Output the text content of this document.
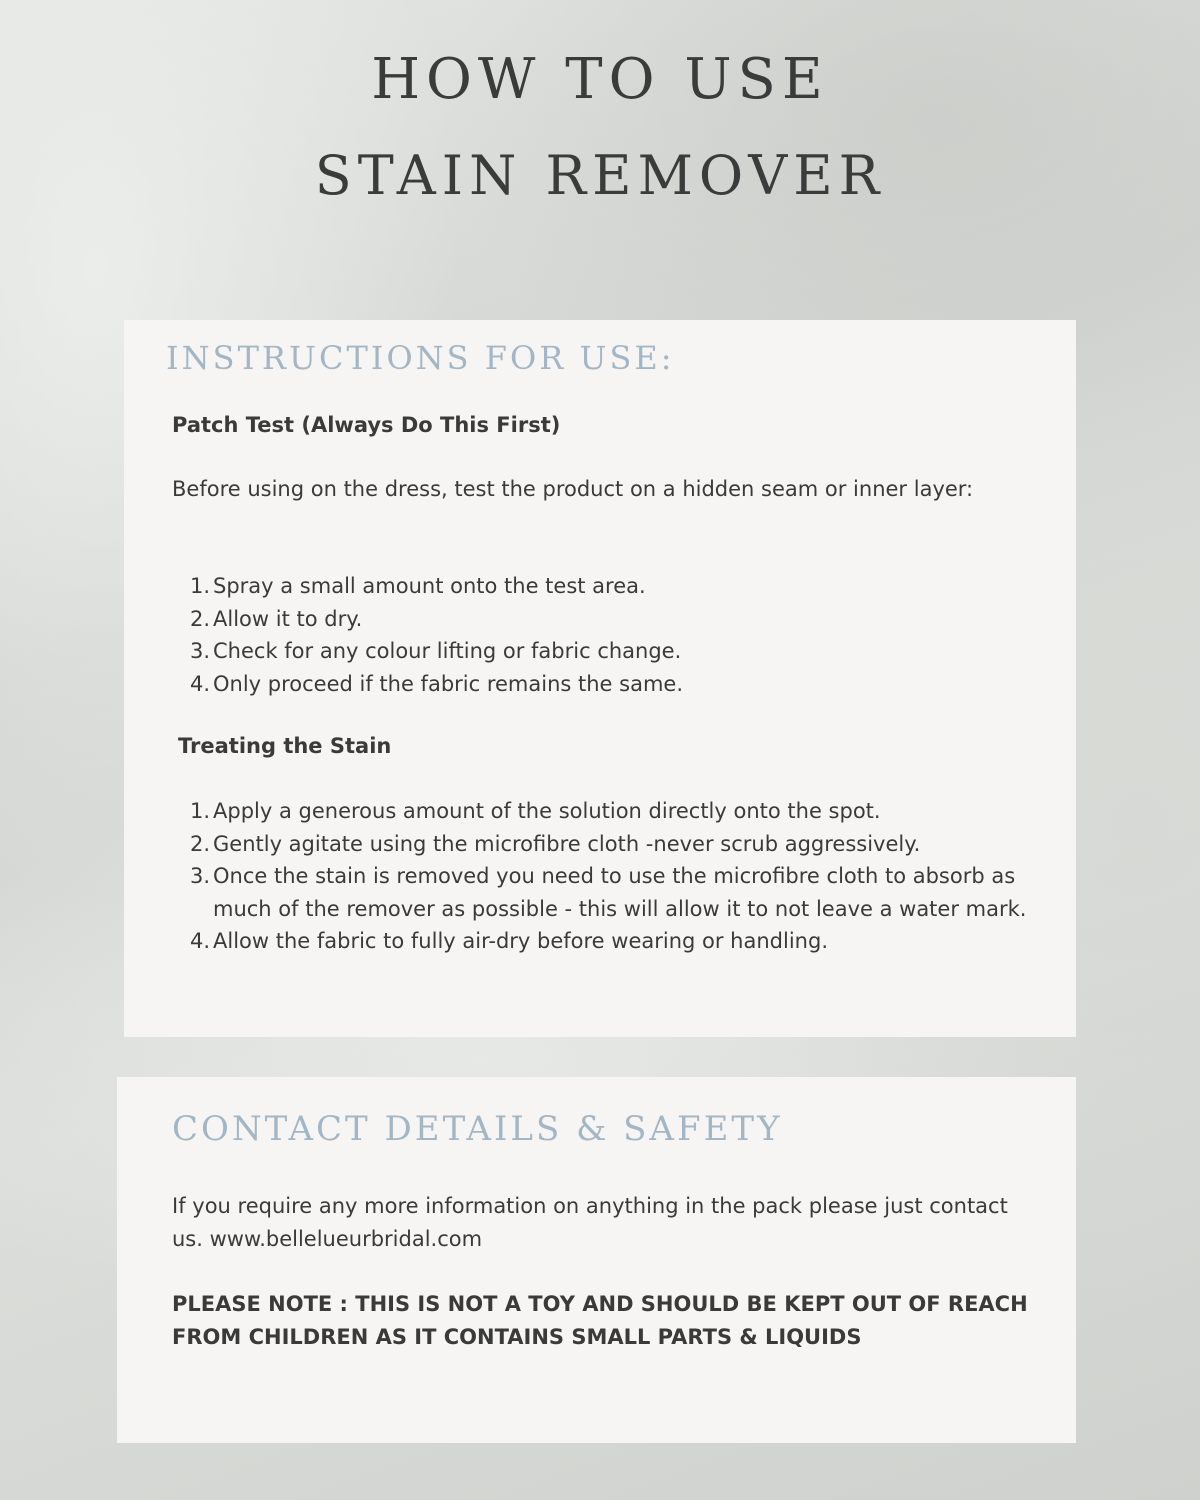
HOW TO USE
STAIN REMOVER
INSTRUCTIONS FOR USE:

Patch Test (Always Do This First)

Before using on the dress, test the product on a hidden seam or inner layer:

Spray a small amount onto the test area.
Allow it to dry.
Check for any colour lifting or fabric change.
Only proceed if the fabric remains the same.

Treating the Stain

Apply a generous amount of the solution directly onto the spot.
Gently agitate using the microfibre cloth -never scrub aggressively.
Once the stain is removed you need to use the microfibre cloth to absorb as much of the remover as possible - this will allow it to not leave a water mark.
Allow the fabric to fully air-dry before wearing or handling.
CONTACT DETAILS & SAFETY

If you require any more information on anything in the pack please just contact us. www.bellelueurbridal.com

PLEASE NOTE : THIS IS NOT A TOY AND SHOULD BE KEPT OUT OF REACH FROM CHILDREN AS IT CONTAINS SMALL PARTS & LIQUIDS
